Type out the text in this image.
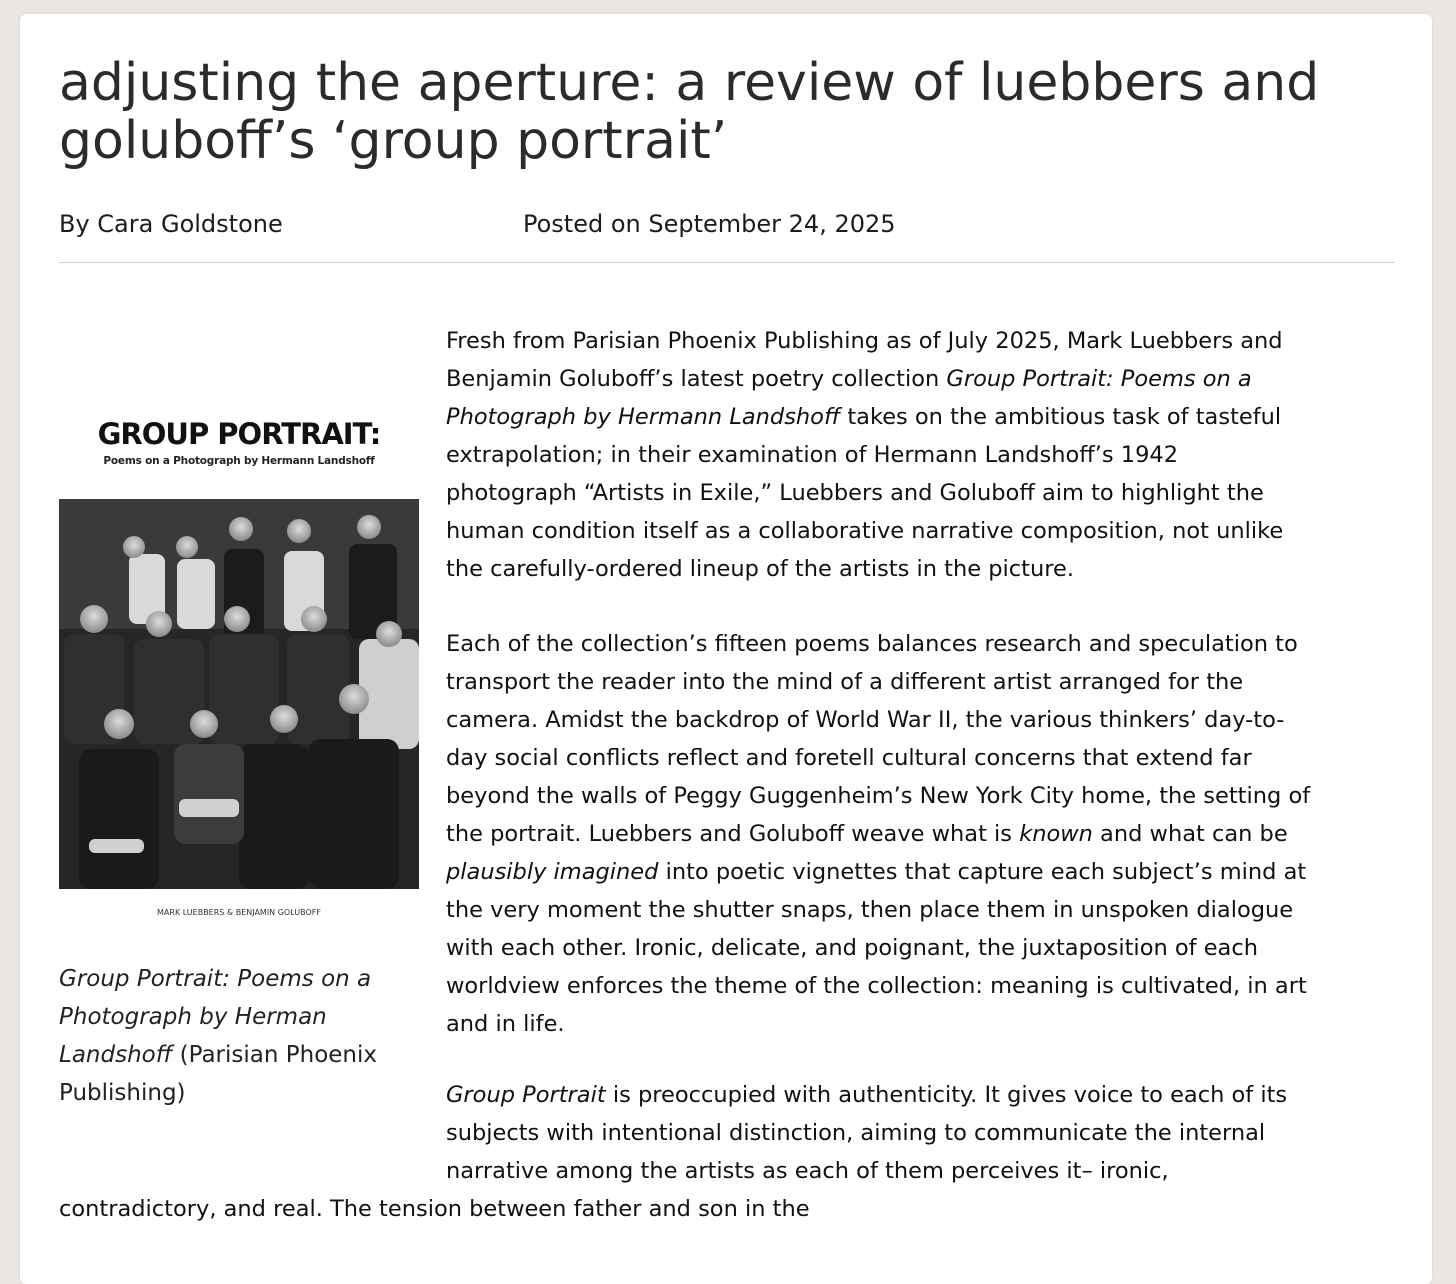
adjusting the aperture: a review of luebbers and goluboff’s ‘group portrait’
By Cara Goldstone	Posted on September 24, 2025
GROUP PORTRAIT:
Poems on a Photograph by Hermann Landshoff
MARK LUEBBERS & BENJAMIN GOLUBOFF
Group Portrait: Poems on a Photograph by Herman Landshoff (Parisian Phoenix Publishing)
Fresh from Parisian Phoenix Publishing as of July 2025, Mark Luebbers and
Benjamin Goluboff’s latest poetry collection Group Portrait: Poems on a
Photograph by Hermann Landshoff takes on the ambitious task of tasteful
extrapolation; in their examination of Hermann Landshoff’s 1942
photograph “Artists in Exile,” Luebbers and Goluboff aim to highlight the
human condition itself as a collaborative narrative composition, not unlike
the carefully-ordered lineup of the artists in the picture.
Each of the collection’s fifteen poems balances research and speculation to
transport the reader into the mind of a different artist arranged for the
camera. Amidst the backdrop of World War II, the various thinkers’ day-to-
day social conflicts reflect and foretell cultural concerns that extend far
beyond the walls of Peggy Guggenheim’s New York City home, the setting of
the portrait. Luebbers and Goluboff weave what is known and what can be
plausibly imagined into poetic vignettes that capture each subject’s mind at
the very moment the shutter snaps, then place them in unspoken dialogue
with each other. Ironic, delicate, and poignant, the juxtaposition of each
worldview enforces the theme of the collection: meaning is cultivated, in art
and in life.
Group Portrait is preoccupied with authenticity. It gives voice to each of its
subjects with intentional distinction, aiming to communicate the internal
narrative among the artists as each of them perceives it– ironic,
contradictory, and real. The tension between father and son in the
